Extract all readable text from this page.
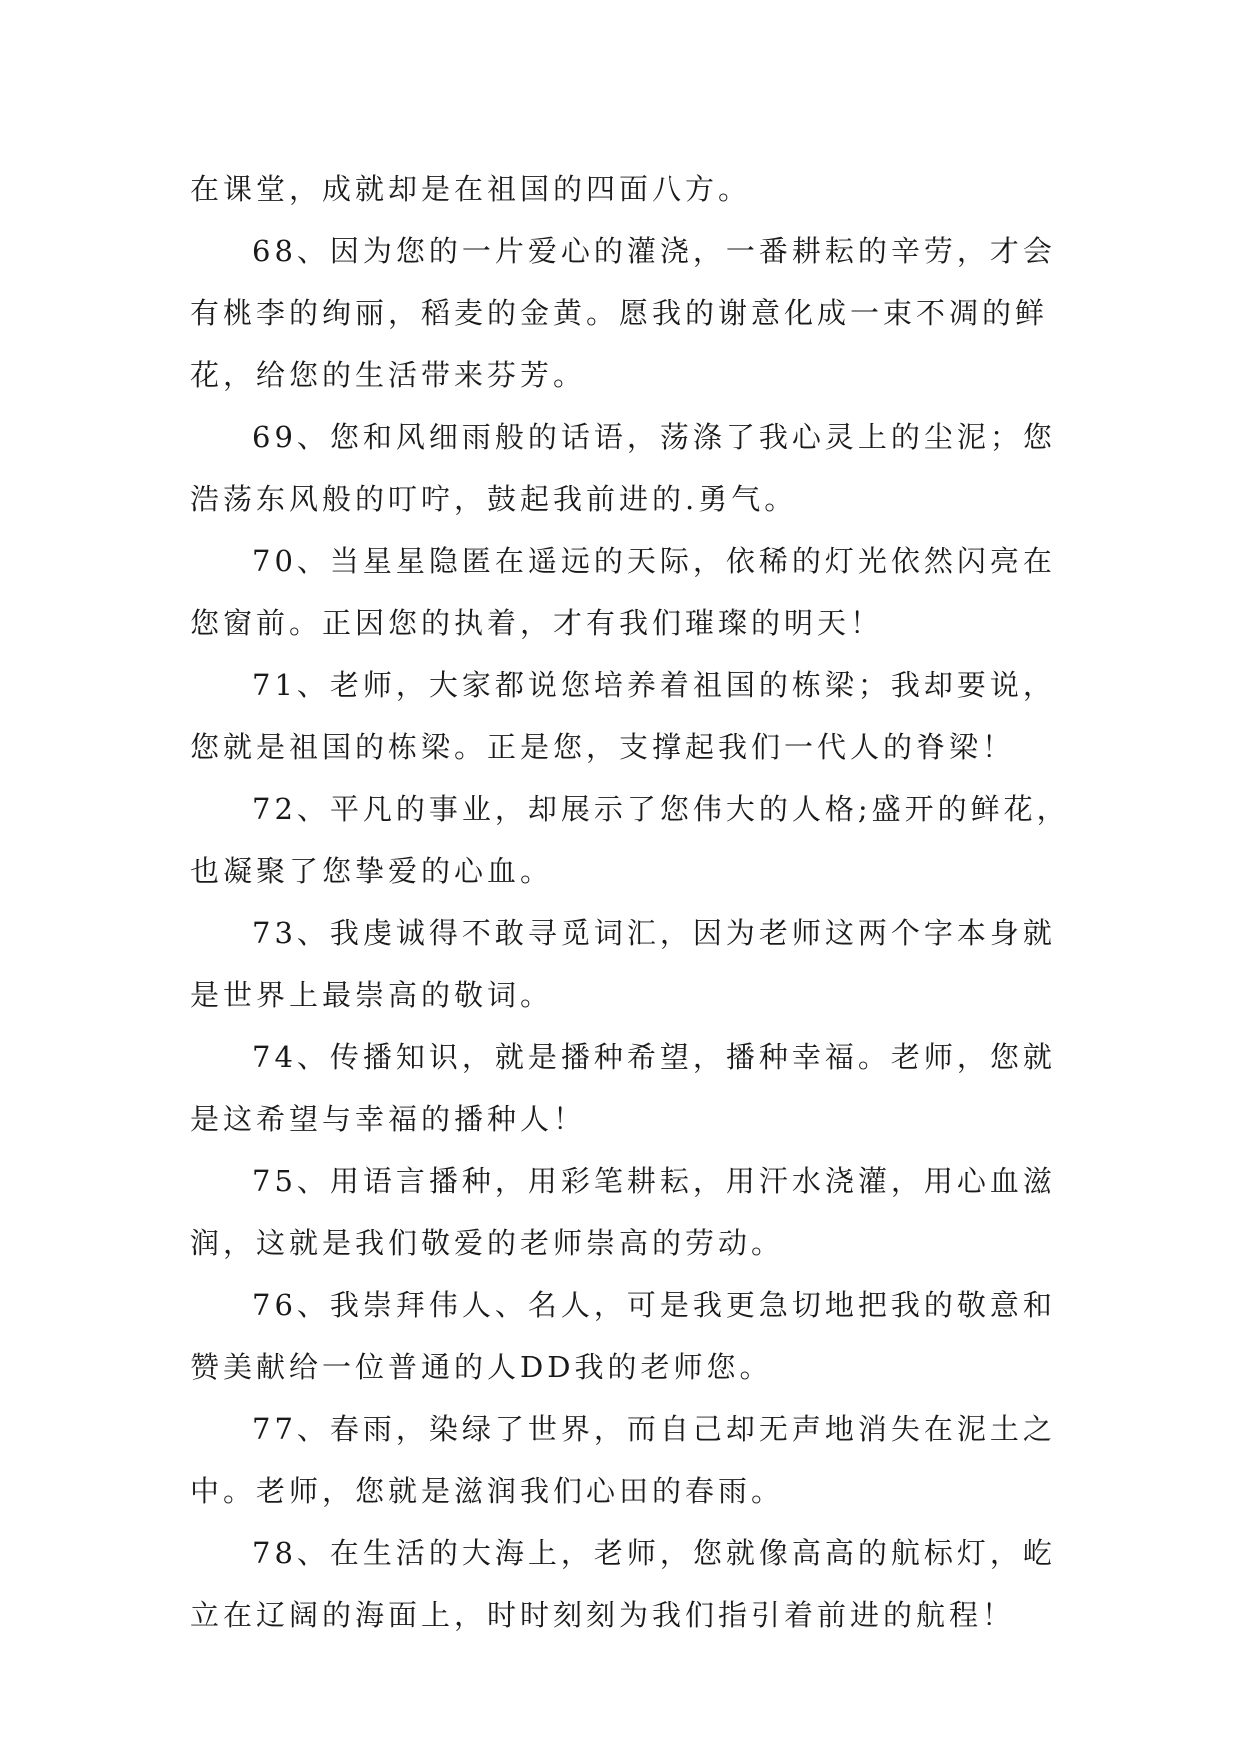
在课堂，成就却是在祖国的四面八方。

68、因为您的一片爱心的灌浇，一番耕耘的辛劳，才会有桃李的绚丽，稻麦的金黄。愿我的谢意化成一束不凋的鲜花，给您的生活带来芬芳。

69、您和风细雨般的话语，荡涤了我心灵上的尘泥；您浩荡东风般的叮咛，鼓起我前进的.勇气。

70、当星星隐匿在遥远的天际，依稀的灯光依然闪亮在您窗前。正因您的执着，才有我们璀璨的明天！

71、老师，大家都说您培养着祖国的栋梁；我却要说，您就是祖国的栋梁。正是您，支撑起我们一代人的脊梁！

72、平凡的事业，却展示了您伟大的人格;盛开的鲜花，也凝聚了您挚爱的心血。

73、我虔诚得不敢寻觅词汇，因为老师这两个字本身就是世界上最崇高的敬词。

74、传播知识，就是播种希望，播种幸福。老师，您就是这希望与幸福的播种人！

75、用语言播种，用彩笔耕耘，用汗水浇灌，用心血滋润，这就是我们敬爱的老师崇高的劳动。

76、我崇拜伟人、名人，可是我更急切地把我的敬意和赞美献给一位普通的人DD我的老师您。

77、春雨，染绿了世界，而自己却无声地消失在泥土之中。老师，您就是滋润我们心田的春雨。

78、在生活的大海上，老师，您就像高高的航标灯，屹立在辽阔的海面上，时时刻刻为我们指引着前进的航程！
